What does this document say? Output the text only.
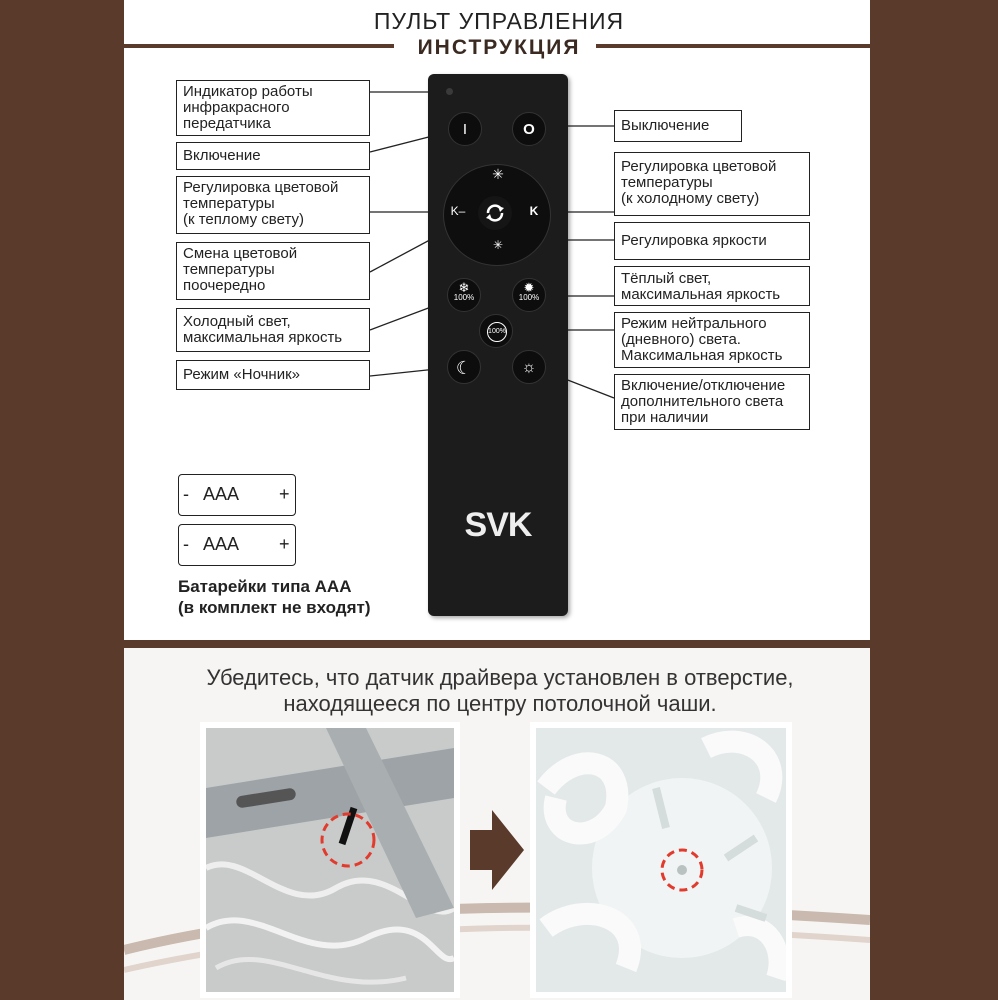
ПУЛЬТ УПРАВЛЕНИЯ
ИНСТРУКЦИЯ
Индикатор работы
инфракрасного
передатчика
Включение
Регулировка цветовой
температуры
(к теплому свету)
Смена цветовой
температуры
поочередно
Холодный свет,
максимальная яркость
Режим «Ночник»
Выключение
Регулировка цветовой
температуры
(к холодному свету)
Регулировка яркости
Тёплый свет,
максимальная яркость
Режим нейтрального
(дневного) света.
Максимальная яркость
Включение/отключение
дополнительного света
при наличии
I	O
✳
✳
K–	K
❄
100%
✹
100%
100%
☾	☼
SVK
- AAA +
- AAA +
Батарейки типа ААА
(в комплект не входят)
Убедитесь, что датчик драйвера установлен в отверстие,
находящееся по центру потолочной чаши.
